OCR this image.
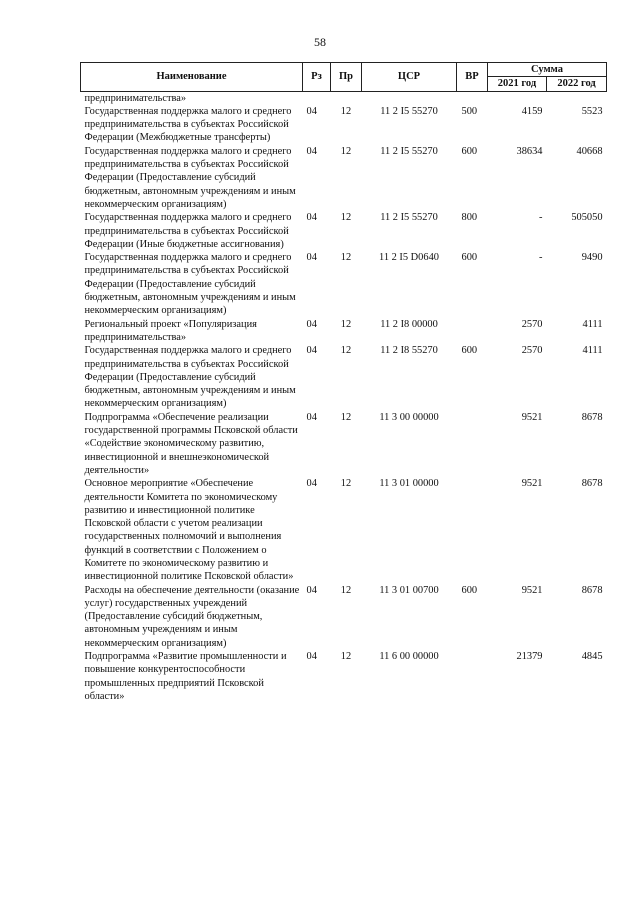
58
Наименование	Рз	Пр	ЦСР	ВР	Сумма	
					2021 год	2022 год
предпринимательства»						
Государственная поддержка малого и среднего предпринимательства в субъектах Российской Федерации (Межбюджетные трансферты)	04	12	11 2 I5 55270	500	4159	5523
Государственная поддержка малого и среднего предпринимательства в субъектах Российской Федерации (Предоставление субсидий бюджетным, автономным учреждениям и иным некоммерческим организациям)	04	12	11 2 I5 55270	600	38634	40668
Государственная поддержка малого и среднего предпринимательства в субъектах Российской Федерации (Иные бюджетные ассигнования)	04	12	11 2 I5 55270	800	-	505050
Государственная поддержка малого и среднего предпринимательства в субъектах Российской Федерации (Предоставление субсидий бюджетным, автономным учреждениям и иным некоммерческим организациям)	04	12	11 2 I5 D0640	600	-	9490
Региональный проект «Популяризация предпринимательства»	04	12	11 2 I8 00000		2570	4111
Государственная поддержка малого и среднего предпринимательства в субъектах Российской Федерации (Предоставление субсидий бюджетным, автономным учреждениям и иным некоммерческим организациям)	04	12	11 2 I8 55270	600	2570	4111
Подпрограмма «Обеспечение реализации государственной программы Псковской области «Содействие экономическому развитию, инвестиционной и внешнеэкономической деятельности»	04	12	11 3 00 00000		9521	8678
Основное мероприятие «Обеспечение деятельности Комитета по экономическому развитию и инвестиционной политике Псковской области с учетом реализации государственных полномочий и выполнения функций в соответствии с Положением о Комитете по экономическому развитию и инвестиционной политике Псковской области»	04	12	11 3 01 00000		9521	8678
Расходы на обеспечение деятельности (оказание услуг) государственных учреждений (Предоставление субсидий бюджетным, автономным учреждениям и иным некоммерческим организациям)	04	12	11 3 01 00700	600	9521	8678
Подпрограмма «Развитие промышленности и повышение конкурентоспособности промышленных предприятий Псковской области»	04	12	11 6 00 00000		21379	4845
